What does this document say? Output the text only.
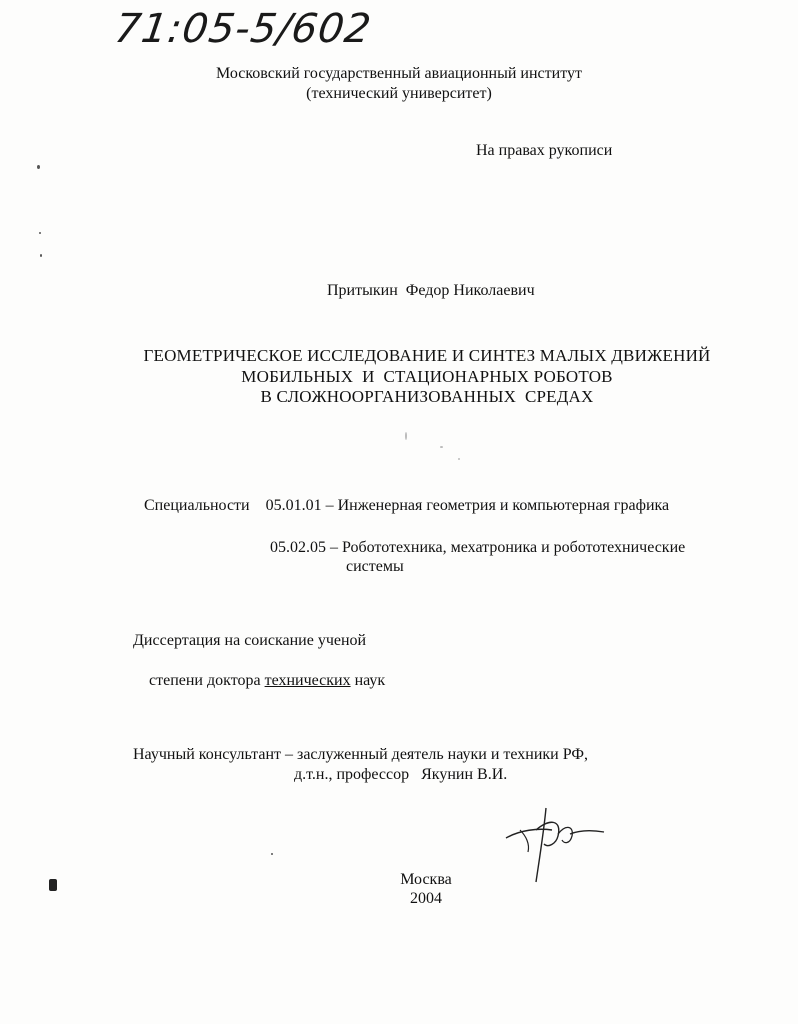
71:05-5/602
Московский государственный авиационный институт
(технический университет)
На правах рукописи
Притыкин  Федор Николаевич
ГЕОМЕТРИЧЕСКОЕ ИССЛЕДОВАНИЕ И СИНТЕЗ МАЛЫХ ДВИЖЕНИЙ
МОБИЛЬНЫХ  И  СТАЦИОНАРНЫХ РОБОТОВ
В СЛОЖНООРГАНИЗОВАННЫХ  СРЕДАХ
Специальности 05.01.01 – Инженерная геометрия и компьютерная графика
05.02.05 – Робототехника, мехатроника и робототехнические
системы
Диссертация на соискание ученой

степени доктора технических наук

Научный консультант – заслуженный деятель науки и техники РФ,
д.т.н., профессор   Якунин В.И.
Москва
2004
